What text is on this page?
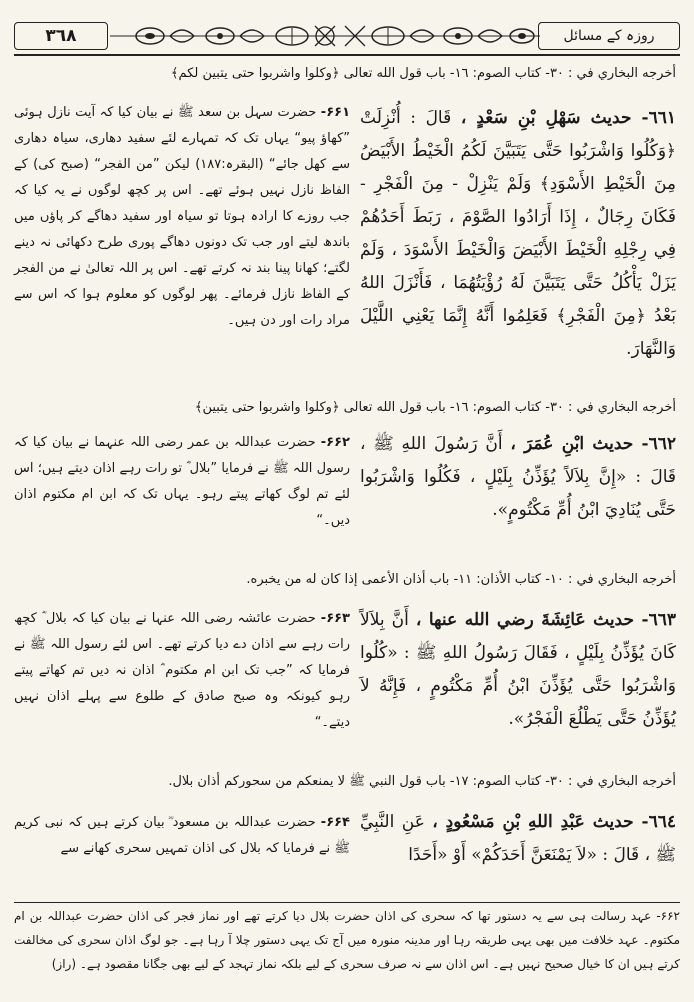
٣٦٨	روزہ کے مسائل
أخرجه البخاري في : ٣٠- كتاب الصوم: ١٦- باب قول الله تعالى ﴿وكلوا واشربوا حتى يتبين لكم﴾
٦٦١- حديث سَهْلِ بْنِ سَعْدٍ ، قَالَ : أُنْزِلَتْ ﴿وَكُلُوا وَاشْرَبُوا حَتَّى يَتَبَيَّنَ لَكُمُ الْخَيْطُ الأَبْيَضُ مِنَ الْخَيْطِ الأَسْوَدِ﴾ وَلَمْ يَنْزِلْ - مِنَ الْفَجْرِ - فَكَانَ رِجَالٌ ، إِذَا أَرَادُوا الصَّوْمَ ، رَبَطَ أَحَدُهُمْ فِي رِجْلِهِ الْخَيْطَ الأَبْيَضَ وَالْخَيْطَ الأَسْوَدَ ، وَلَمْ يَزَلْ يَأْكُلُ حَتَّى يَتَبَيَّنَ لَهُ رُؤْيَتُهُمَا ، فَأَنْزَلَ اللهُ بَعْدُ ﴿مِنَ الْفَجْرِ﴾ فَعَلِمُوا أَنَّهُ إِنَّمَا يَعْنِي اللَّيْلَ وَالنَّهَارَ.
۶۶۱- حضرت سہل بن سعد ﷺ نے بیان کیا کہ آیت نازل ہوئی ”کھاؤ پیو“ یہاں تک کہ تمہارے لئے سفید دھاری، سیاہ دھاری سے کھل جائے“ (البقرہ:۱۸۷) لیکن ”من الفجر“ (صبح کی) کے الفاظ نازل نہیں ہوئے تھے۔ اس پر کچھ لوگوں نے یہ کیا کہ جب روزے کا ارادہ ہوتا تو سیاہ اور سفید دھاگے کر پاؤں میں باندھ لیتے اور جب تک دونوں دھاگے پوری طرح دکھائی نہ دینے لگتے؛ کھانا پینا بند نہ کرتے تھے۔ اس پر اللہ تعالیٰ نے من الفجر کے الفاظ نازل فرمائے۔ پھر لوگوں کو معلوم ہوا کہ اس سے مراد رات اور دن ہیں۔
أخرجه البخاري في : ٣٠- كتاب الصوم: ١٦- باب قول الله تعالى ﴿وكلوا واشربوا حتى يتبين﴾
٦٦٢- حديث ابْنِ عُمَرَ ، أَنَّ رَسُولَ اللهِ ﷺ ، قَالَ : «إِنَّ بِلاَلاً يُؤَذِّنُ بِلَيْلٍ ، فَكُلُوا وَاشْرَبُوا حَتَّى يُنَادِيَ ابْنُ أُمِّ مَكْتُومٍ».
۶۶۲- حضرت عبداللہ بن عمر رضی اللہ عنہما نے بیان کیا کہ رسول اللہ ﷺ نے فرمایا ”بلال ؓ تو رات رہے اذان دیتے ہیں؛ اس لئے تم لوگ کھاتے پیتے رہو۔ یہاں تک کہ ابن ام مکتوم اذان دیں۔“
أخرجه البخاري في : ١٠- كتاب الأذان: ١١- باب أذان الأعمى إذا كان له من يخبره.
٦٦٣- حديث عَائِشَةَ رضي الله عنها ، أَنَّ بِلاَلاً كَانَ يُؤَذِّنُ بِلَيْلٍ ، فَقَالَ رَسُولُ اللهِ ﷺ : «كُلُوا وَاشْرَبُوا حَتَّى يُؤَذِّنَ ابْنُ أُمِّ مَكْتُومٍ ، فَإِنَّهُ لاَ يُؤَذِّنُ حَتَّى يَطْلُعَ الْفَجْرُ».
۶۶۳- حضرت عائشہ رضی اللہ عنہا نے بیان کیا کہ بلال ؓ کچھ رات رہے سے اذان دے دیا کرتے تھے۔ اس لئے رسول اللہ ﷺ نے فرمایا کہ ”جب تک ابن ام مکتوم ؓ اذان نہ دیں تم کھاتے پیتے رہو کیونکہ وہ صبح صادق کے طلوع سے پہلے اذان نہیں دیتے۔“
أخرجه البخاري في : ٣٠- كتاب الصوم: ١٧- باب قول النبي ﷺ لا يمنعكم من سحوركم أذان بلال.
٦٦٤- حديث عَبْدِ اللهِ بْنِ مَسْعُودٍ ، عَنِ النَّبِيِّ ﷺ ، قَالَ : «لاَ يَمْنَعَنَّ أَحَدَكُمْ» أَوْ «أَحَدًا
۶۶۴- حضرت عبداللہ بن مسعود ؓ بیان کرتے ہیں کہ نبی کریم ﷺ نے فرمایا کہ بلال کی اذان تمہیں سحری کھانے سے
۶۶۲- عہد رسالت ہی سے یہ دستور تھا کہ سحری کی اذان حضرت بلال دیا کرتے تھے اور نماز فجر کی اذان حضرت عبداللہ بن ام مکتوم۔ عہد خلافت میں بھی یہی طریقہ رہا اور مدینہ منورہ میں آج تک یہی دستور چلا آ رہا ہے۔ جو لوگ اذان سحری کی مخالفت کرتے ہیں ان کا خیال صحیح نہیں ہے۔ اس اذان سے نہ صرف سحری کے لیے بلکہ نماز تہجد کے لیے بھی جگانا مقصود ہے۔ (راز)
